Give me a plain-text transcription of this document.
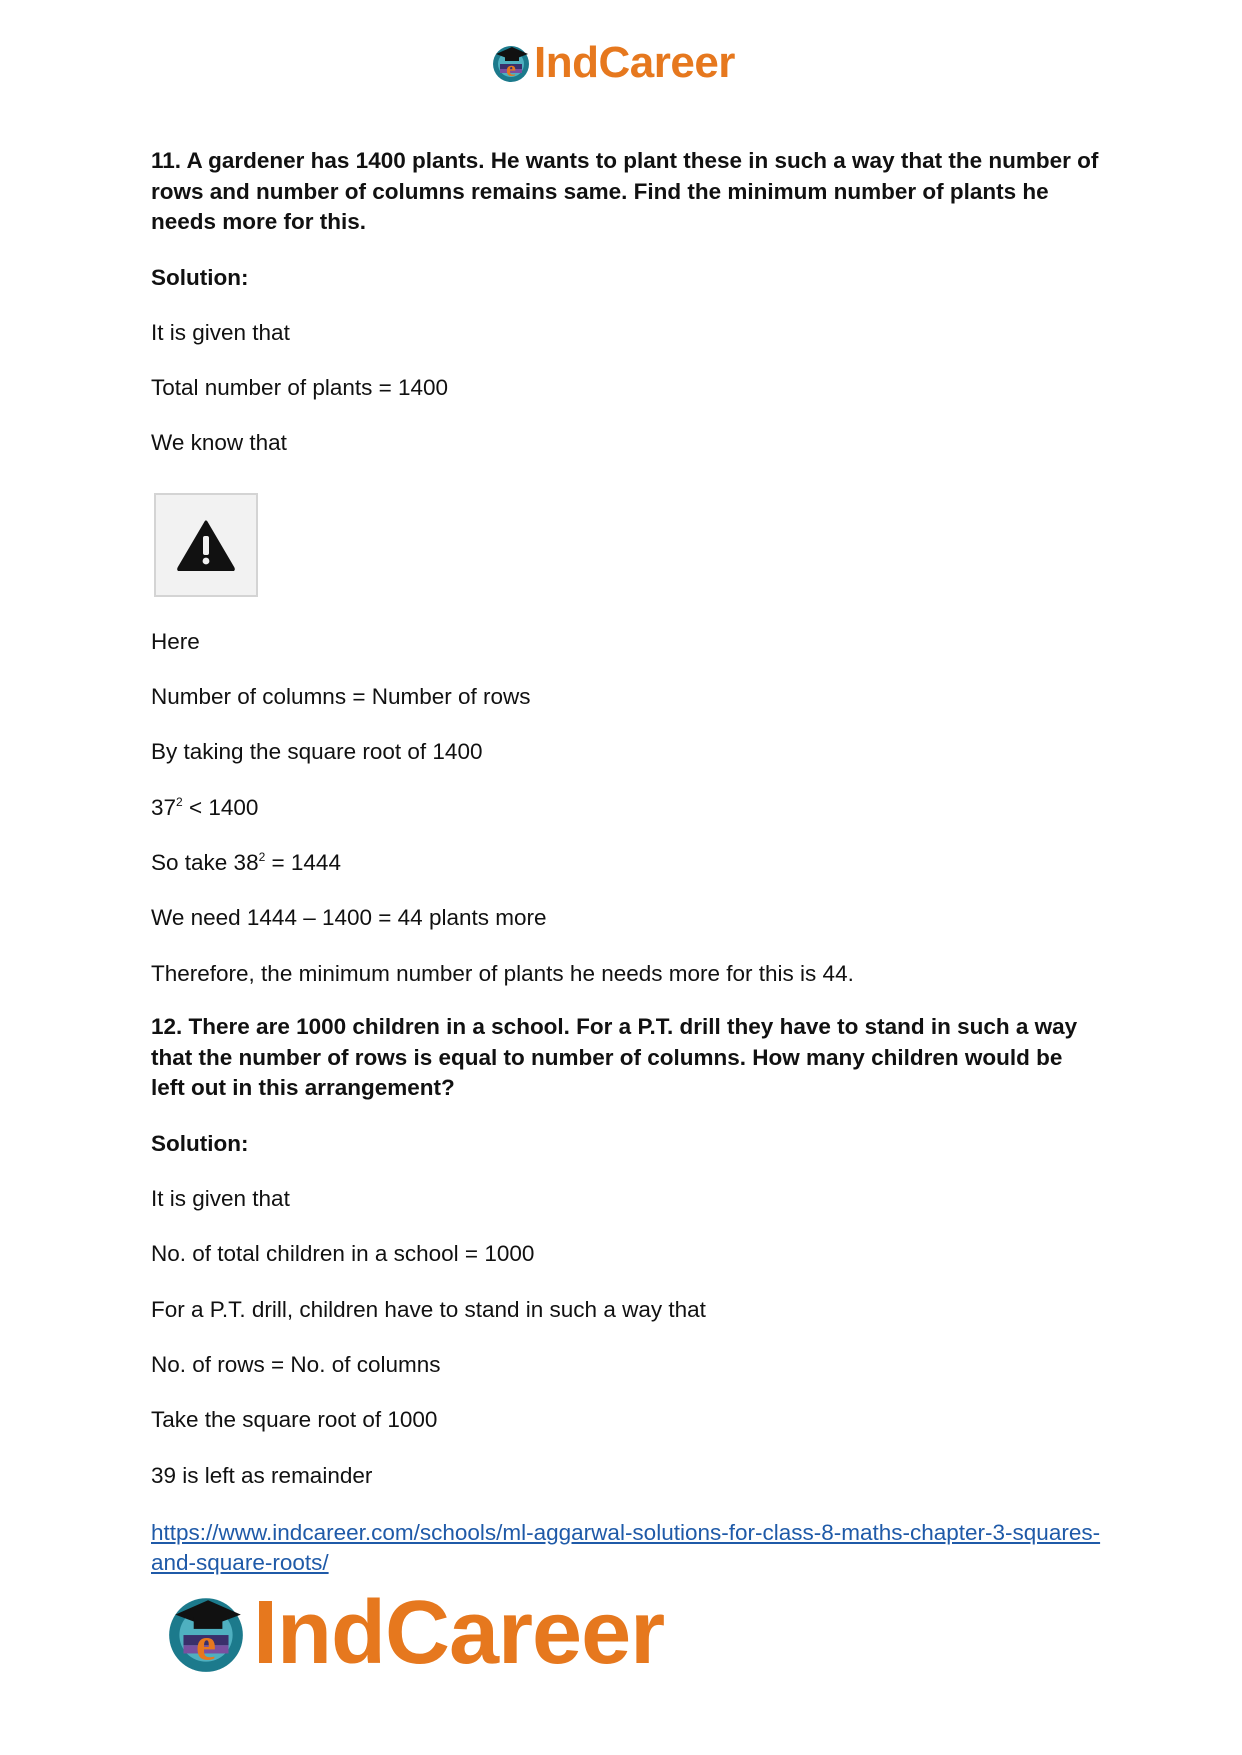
e IndCareer

11. A gardener has 1400 plants. He wants to plant these in such a way that the number of rows and number of columns remains same. Find the minimum number of plants he needs more for this.

Solution:

It is given that

Total number of plants = 1400

We know that

Here

Number of columns = Number of rows

By taking the square root of 1400

$37^2 < 1400$

So take $38^2 = 1444$

We need 1444 – 1400 = 44 plants more

Therefore, the minimum number of plants he needs more for this is 44.

12. There are 1000 children in a school. For a P.T. drill they have to stand in such a way that the number of rows is equal to number of columns. How many children would be left out in this arrangement?

Solution:

It is given that

No. of total children in a school = 1000

For a P.T. drill, children have to stand in such a way that

No. of rows = No. of columns

Take the square root of 1000

39 is left as remainder

https://www.indcareer.com/schools/ml-aggarwal-solutions-for-class-8-maths-chapter-3-squares-and-square-roots/
e IndCareer
